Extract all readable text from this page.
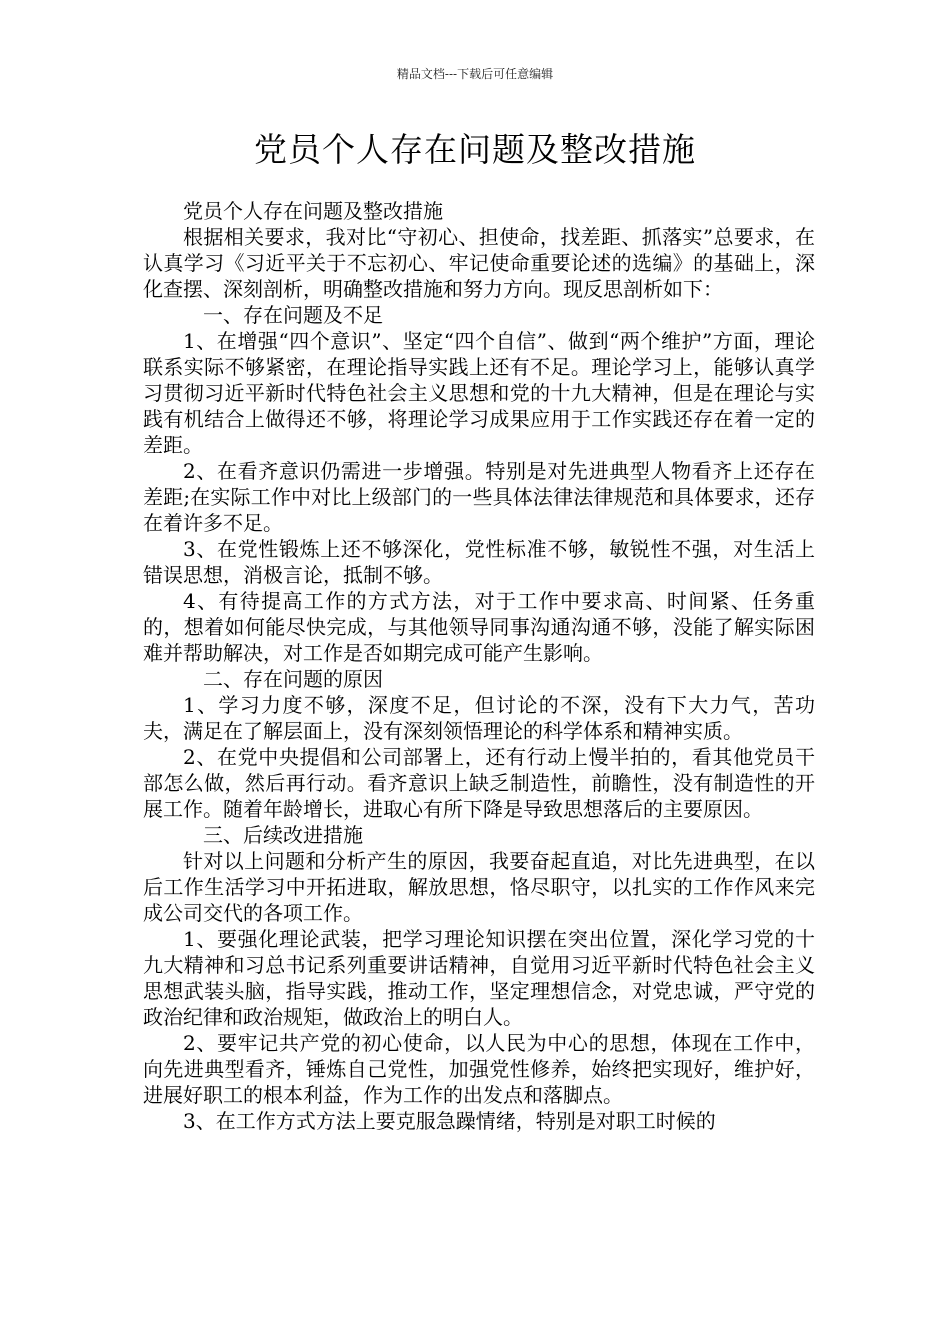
精品文档---下载后可任意编辑
党员个人存在问题及整改措施

党员个人存在问题及整改措施

根据相关要求，我对比“守初心、担使命，找差距、抓落实”总要求，在认真学习《习近平关于不忘初心、牢记使命重要论述的选编》的基础上，深化查摆、深刻剖析，明确整改措施和努力方向。现反思剖析如下：

一、存在问题及不足

1、在增强“四个意识”、坚定“四个自信”、做到“两个维护”方面，理论联系实际不够紧密，在理论指导实践上还有不足。理论学习上，能够认真学习贯彻习近平新时代特色社会主义思想和党的十九大精神，但是在理论与实践有机结合上做得还不够，将理论学习成果应用于工作实践还存在着一定的差距。

2、在看齐意识仍需进一步增强。特别是对先进典型人物看齐上还存在差距;在实际工作中对比上级部门的一些具体法律法律规范和具体要求，还存在着许多不足。

3、在党性锻炼上还不够深化，党性标准不够，敏锐性不强，对生活上错误思想，消极言论，抵制不够。

4、有待提高工作的方式方法，对于工作中要求高、时间紧、任务重的，想着如何能尽快完成，与其他领导同事沟通沟通不够，没能了解实际困难并帮助解决，对工作是否如期完成可能产生影响。

二、存在问题的原因

1、学习力度不够，深度不足，但讨论的不深，没有下大力气，苦功夫，满足在了解层面上，没有深刻领悟理论的科学体系和精神实质。

2、在党中央提倡和公司部署上，还有行动上慢半拍的，看其他党员干部怎么做，然后再行动。看齐意识上缺乏制造性，前瞻性，没有制造性的开展工作。随着年龄增长，进取心有所下降是导致思想落后的主要原因。

三、后续改进措施

针对以上问题和分析产生的原因，我要奋起直追，对比先进典型，在以后工作生活学习中开拓进取，解放思想，恪尽职守，以扎实的工作作风来完成公司交代的各项工作。

1、要强化理论武装，把学习理论知识摆在突出位置，深化学习党的十九大精神和习总书记系列重要讲话精神，自觉用习近平新时代特色社会主义思想武装头脑，指导实践，推动工作，坚定理想信念，对党忠诚，严守党的政治纪律和政治规矩，做政治上的明白人。

2、要牢记共产党的初心使命，以人民为中心的思想，体现在工作中，向先进典型看齐，锤炼自己党性，加强党性修养，始终把实现好，维护好，进展好职工的根本利益，作为工作的出发点和落脚点。

3、在工作方式方法上要克服急躁情绪，特别是对职工时候的
